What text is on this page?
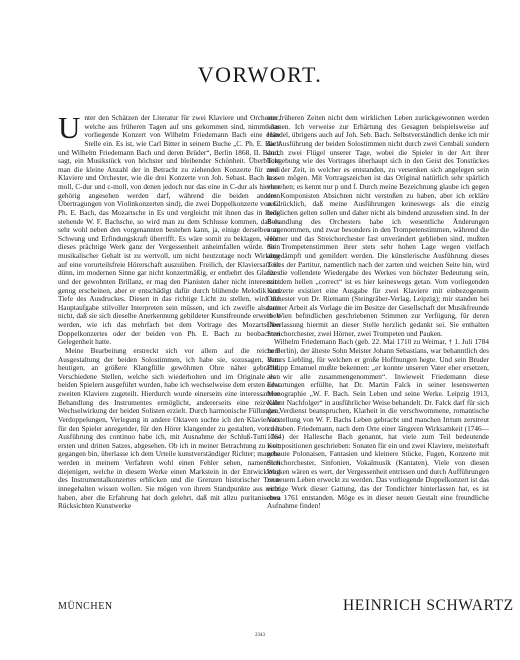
VORWORT.

Unter den Schätzen der Literatur für zwei Klaviere und Orchester, welche aus früheren Tagen auf uns gekommen sind, nimmt das vorliegende Konzert von Wilhelm Friedemann Bach eine erste Stelle ein. Es ist, wie Carl Bitter in seinem Buche „C. Ph. E. Bach und Wilhelm Friedemann Bach und deren Brüder“, Berlin 1868, II. Band, sagt, ein Musikstück von höchster und bleibender Schönheit. Überblickt man die kleine Anzahl der in Betracht zu ziehenden Konzerte für zwei Klaviere und Orchester, wie die drei Konzerte von Joh. Sebast. Bach in c-moll, C-dur und c-moll, von denen jedoch nur das eine in C-dur als hierher gehörig angesehen werden darf, während die beiden anderen Übertragungen von Violinkonzerten sind), die zwei Doppelkonzerte von C. Ph. E. Bach, das Mozartsche in Es und vergleicht mit ihnen das in Rede stehende W. F. Bachsche, so wird man zu dem Schlusse kommen, daß es sehr wohl neben den vorgenannten bestehen kann, ja, einige derselben an Schwung und Erfindungskraft überrifft. Es wäre somit zu beklagen, wenn dieses prächtige Werk ganz der Vergessenheit anheimfallen würde. Sein musikalischer Gehalt ist zu wertvoll, um nicht heutzutage noch Wirkung auf eine vorurteilsfreie Hörerschaft auszuüben. Freilich, der Klaviersatz ist dünn, im modernen Sinne gar nicht konzertmäßig, er entbehrt des Glanzes und der gewohnten Brillanz, er mag den Pianisten daher nicht interessant genug erscheinen, aber er entschädigt dafür durch blühende Melodik und Tiefe des Ausdruckes. Diesen in das richtige Licht zu stellen, wird die Hauptaufgabe stilvoller Interpreten sein müssen, und ich zweifle alsdann nicht, daß sie sich dieselbe Anerkennung gebildeter Kunstfreunde erwerben werden, wie ich das mehrfach bei dem Vortrage des Mozartschen Doppelkonzertes oder der beiden von Ph. E. Bach zu beobachten Gelegenheit hatte.

Meine Bearbeitung erstreckt sich vor allem auf die reichere Ausgestaltung der beiden Solostimmen, ich habe sie, sozusagen, dem heutigen, an größere Klangfülle gewöhnten Ohre näher gebracht. Verschiedene Stellen, welche sich wiederholten und im Originale von beiden Spielern ausgeführt wurden, habe ich wechselweise dem ersten oder zweiten Klaviere zugeteilt. Hierdurch wurde einerseits eine interessantere Behandlung des Instrumentes ermöglicht, andererseits eine reizvolle Wechselwirkung der beiden Solisten erzielt. Durch harmonische Füllungen, Verdoppelungen, Verlegung in andere Oktaven suchte ich den Klaviersatz für den Spieler anregender, für den Hörer klangender zu gestalten, von der Ausführung des continuo habe ich, mit Ausnahme der Schluß-Tutti des ersten und dritten Satzes, abgesehen. Ob ich in meiner Betrachtung zu weit gegangen bin, überlasse ich dem Urteile kunstverständiger Richter; manche werden in meinem Verfahren wohl einen Fehler sehen, namentlich diejenigen, welche in diesem Werke einen Markstein in der Entwicklung des Instrumentalkonzertes erblicken und die Grenzen historischer Treue innegehalten wissen wollen. Sie mögen von ihrem Standpunkte aus recht haben, aber die Erfahrung hat doch gelehrt, daß mit allzu puritanischen Rücksichten Kunstwerke

aus früheren Zeiten nicht dem wirklichen Leben zurückgewonnen werden können. Ich verweise zur Erhärtung des Gesagten beispielsweise auf Händel, übrigens auch auf Joh. Seb. Bach. Selbstverständlich denke ich mir die Ausführung der beiden Solostimmen nicht durch zwei Cembali sondern durch zwei Flügel unserer Tage, wobei die Spieler in der Art ihrer Tongebung wie des Vortrages überhaupt sich in den Geist des Tonstückes und der Zeit, in welcher es entstanden, zu versenken sich angelegen sein lassen mögen. Mit Vortragszeichen ist das Original natürlich sehr spärlich versehen; es kennt nur p und f. Durch meine Bezeichnung glaube ich gegen des Komponisten Absichten nicht verstoßen zu haben, aber ich erkläre ausdrücklich, daß meine Ausführungen keineswegs als die einzig möglichen gelten sollen und daher nicht als bindend anzusehen sind. In der Behandlung des Orchesters habe ich wesentliche Änderungen vorgenommen, und zwar besonders in den Trompetenstimmen, während die Hörner und das Streichorchester fast unverändert geblieben sind, mußten die Trompetenstimmen ihrer stets sehr hohen Lage wegen vielfach abgedämpft und gemildert werden. Die künstlerische Ausführung dieses Teiles der Partitur, namentlich nach der zarten und weichen Seite hin, wird für die vollendete Wiedergabe des Werkes von höchster Bedeutung sein, mit dem hellen „correct“ ist es hier keineswegs getan. Vom vorliegenden Konzerte existiert eine Ausgabe für zwei Klaviere mit einbezogenem Orchester von Dr. Riemann (Steingräber-Verlag, Leipzig); mir standen bei meiner Arbeit als Vorlage die im Besitze der Gesellschaft der Musikfreunde in Wien befindlichen geschriebenen Stimmen zur Verfügung, für deren Überlassung hiermit an dieser Stelle herzlich gedankt sei. Sie enthalten Streichorchester, zwei Hörner, zwei Trompeten und Pauken.

Wilhelm Friedemann Bach (geb. 22. Mai 1710 zu Weimar, † 1. Juli 1784 zu Berlin), der älteste Sohn Meister Johann Sebastians, war behanntlich des Vaters Liebling, für welchen er große Hoffnungen hegte. Und sein Bruder Philipp Emanuel mußte bekennen: „er konnte unseren Vater eher ersetzen, als wir alle zusammengenommen“. Inwieweit Friedemann diese Erwartungen erfüllte, hat Dr. Martin Falck in seiner lesenswerten Monographie „W. F. Bach. Sein Leben und seine Werke. Leipzig 1913, Kahnt Nachfolger“ in ausführlicher Weise behandelt. Dr. Falck darf für sich das Verdienst beanspruchen, Klarheit in die verschwommene, romantische Vorstellung von W. F. Bachs Leben gebracht und manchen Irrtum zerstreut zu haben. Friedemann, nach dem Orte einer längeren Wirksamkeit (1746—1764) der Hallesche Bach genannt, hat viele zum Teil bedeutende Kompositionen geschrieben: Sonaten für ein und zwei Klaviere, meisterhaft gebaute Polonaisen, Fantasien und kleinere Stücke, Fugen, Konzerte mit Streichorchester, Sinfonien, Vokalmusik (Kantaten). Viele von diesen Werken wären es wert, der Vergessenheit entrissen und durch Aufführungen zu neuem Leben erweckt zu werden. Das vorliegende Doppelkonzert ist das einzige Werk dieser Gattung, das der Tondichter hinterlassen hat, es ist etwa 1761 entstanden. Möge es in dieser neuen Gestalt eine freundliche Aufnahme finden!

MÜNCHEN	HEINRICH SCHWARTZ
2343
